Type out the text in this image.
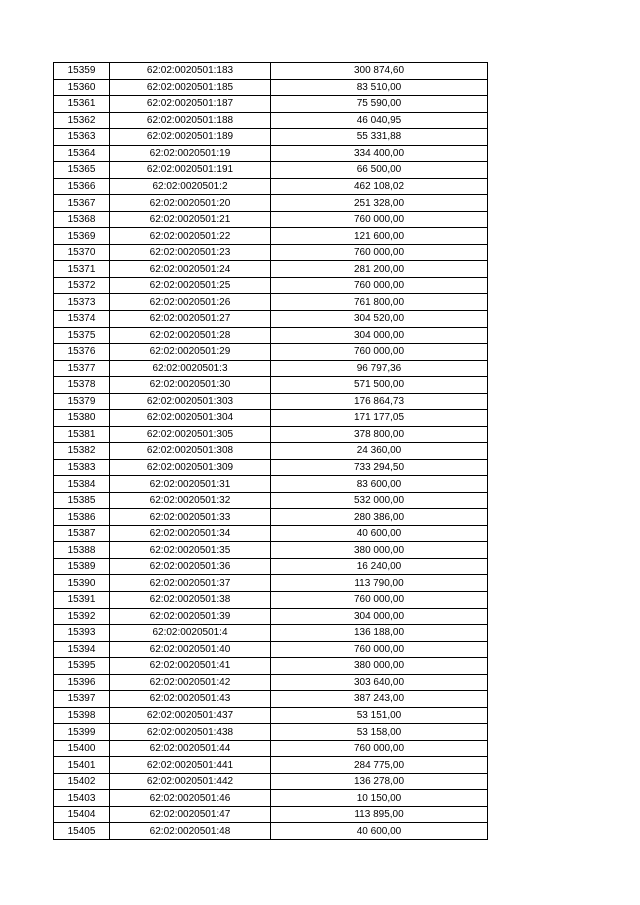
15359	62:02:0020501:183	300 874,60
15360	62:02:0020501:185	83 510,00
15361	62:02:0020501:187	75 590,00
15362	62:02:0020501:188	46 040,95
15363	62:02:0020501:189	55 331,88
15364	62:02:0020501:19	334 400,00
15365	62:02:0020501:191	66 500,00
15366	62:02:0020501:2	462 108,02
15367	62:02:0020501:20	251 328,00
15368	62:02:0020501:21	760 000,00
15369	62:02:0020501:22	121 600,00
15370	62:02:0020501:23	760 000,00
15371	62:02:0020501:24	281 200,00
15372	62:02:0020501:25	760 000,00
15373	62:02:0020501:26	761 800,00
15374	62:02:0020501:27	304 520,00
15375	62:02:0020501:28	304 000,00
15376	62:02:0020501:29	760 000,00
15377	62:02:0020501:3	96 797,36
15378	62:02:0020501:30	571 500,00
15379	62:02:0020501:303	176 864,73
15380	62:02:0020501:304	171 177,05
15381	62:02:0020501:305	378 800,00
15382	62:02:0020501:308	24 360,00
15383	62:02:0020501:309	733 294,50
15384	62:02:0020501:31	83 600,00
15385	62:02:0020501:32	532 000,00
15386	62:02:0020501:33	280 386,00
15387	62:02:0020501:34	40 600,00
15388	62:02:0020501:35	380 000,00
15389	62:02:0020501:36	16 240,00
15390	62:02:0020501:37	113 790,00
15391	62:02:0020501:38	760 000,00
15392	62:02:0020501:39	304 000,00
15393	62:02:0020501:4	136 188,00
15394	62:02:0020501:40	760 000,00
15395	62:02:0020501:41	380 000,00
15396	62:02:0020501:42	303 640,00
15397	62:02:0020501:43	387 243,00
15398	62:02:0020501:437	53 151,00
15399	62:02:0020501:438	53 158,00
15400	62:02:0020501:44	760 000,00
15401	62:02:0020501:441	284 775,00
15402	62:02:0020501:442	136 278,00
15403	62:02:0020501:46	10 150,00
15404	62:02:0020501:47	113 895,00
15405	62:02:0020501:48	40 600,00
